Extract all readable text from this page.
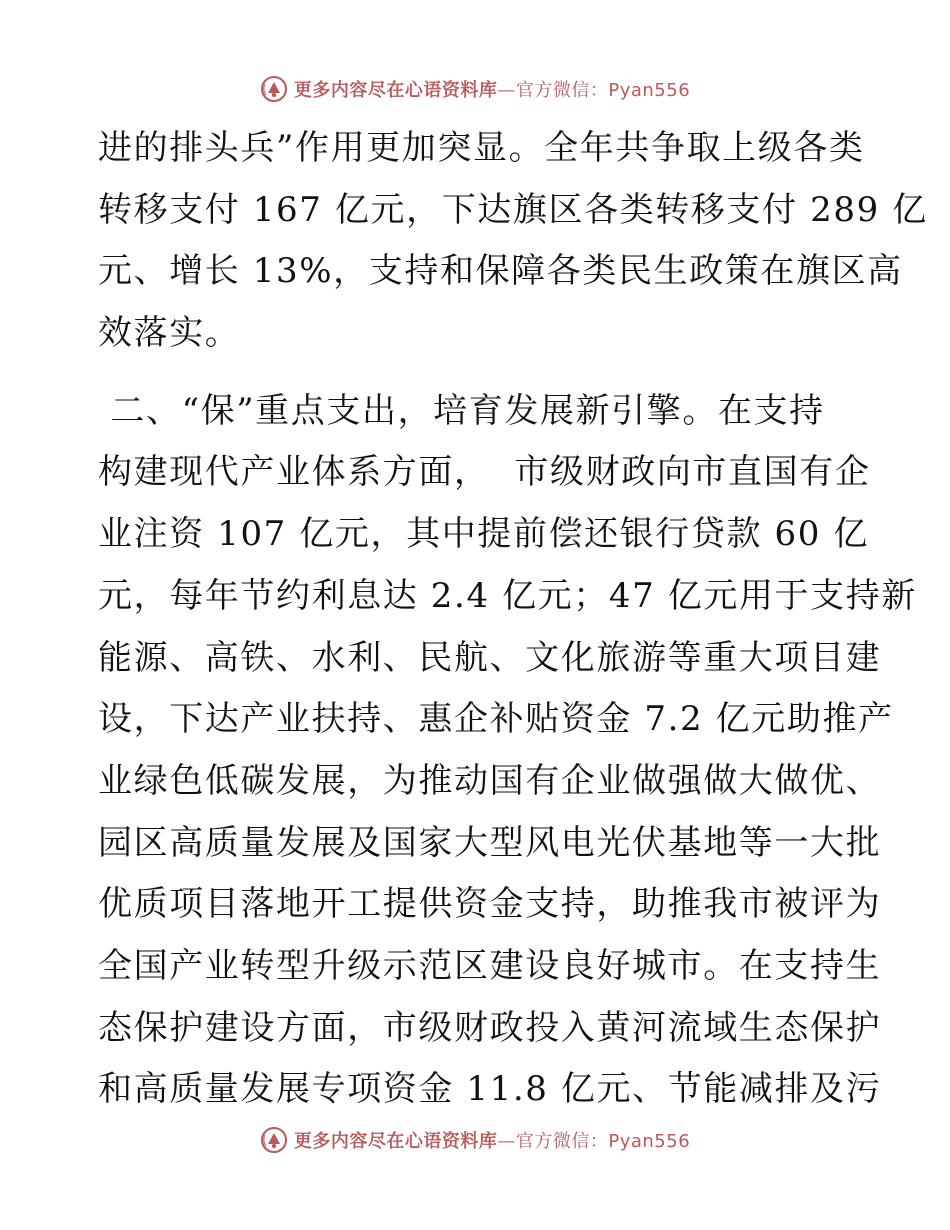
更多内容尽在心语资料库—官方微信：Pyan556
进的排头兵”作用更加突显。全年共争取上级各类
转移支付 167 亿元，下达旗区各类转移支付 289 亿
元、增长 13%，支持和保障各类民生政策在旗区高
效落实。
二、“保”重点支出，培育发展新引擎。在支持
构建现代产业体系方面，  市级财政向市直国有企
业注资 107 亿元，其中提前偿还银行贷款 60 亿
元，每年节约利息达 2.4 亿元；47 亿元用于支持新
能源、高铁、水利、民航、文化旅游等重大项目建
设，下达产业扶持、惠企补贴资金 7.2 亿元助推产
业绿色低碳发展，为推动国有企业做强做大做优、
园区高质量发展及国家大型风电光伏基地等一大批
优质项目落地开工提供资金支持，助推我市被评为
全国产业转型升级示范区建设良好城市。在支持生
态保护建设方面，市级财政投入黄河流域生态保护
和高质量发展专项资金 11.8 亿元、节能减排及污
更多内容尽在心语资料库—官方微信：Pyan556
